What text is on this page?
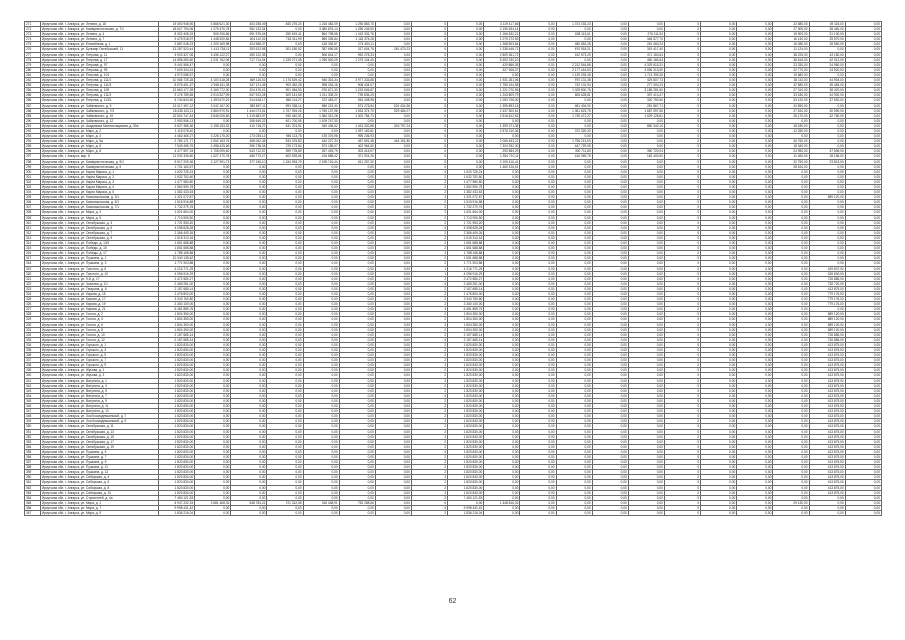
271	Иркутская обл, г. Ангарск, ул. Ленина, д. 18	19 492 948,90	3 568 621,30	403 258,49	465 276,24	1 216 482,09	1 290 883,70	0,00	0	0,00	4 119 417,66	0,00	1 373 433,23	0,00	0,00	0	0,00	0,00	23 580,00	49 115,00	0,00
272	Иркутская обл, г. Ангарск, ул. Коммунистическая, д. 7/1	18 627 794,06	1 279 476,78	952 133,34	0,00	3 380 875,14	1 296 245,50	0,00	0	0,00	2 196 534,14	0,00	0,00	0,00	0,00	0	0,00	0,00	27 300,00	38 460,00	0,00
273	Иркутская обл, г. Ангарск, ул. Ленина, д. 4	8 302 408,15	505 206,86	691 576,04	250 619,41	864 798,68	1 419 332,76	0,00	0	0,00	1 166 632,21	0,00	608 113,61	0,00	276 111,54	0	0,00	0,00	15 900,00	31 130,00	0,00
274	Иркутская обл, г. Ангарск, ул. Ленина, д. 7	9 475 918,97	1 448 530,84	404 112,03	718 311,99	869 335,84	1 118 375,28	0,00	0	0,00	1 079 273,59	0,00	0,00	0,00	346 577,70	0	0,00	0,00	16 140,00	25 570,00	0,00
275	Иркутская обл, г. Ангарск, ул. Енисейская, д. 1	2 887 048,23	1 209 169,98	324 968,37	0,00	418 339,57	274 454,11	0,00	0	0,00	1 268 503,64	0,00	480 652,28	0,00	261 453,24	0	0,00	0,00	16 080,00	28 560,00	0,00
276	Иркутская обл, г. Ангарск, ул. Бульвар Октябрьский, 11	13 287 523,44	1 413 738,11	253 513,98	301 180,92	387 696,58	317 604,76	261 470,23	0	0,00	1 338 446,72	0,00	670 918,21	0,00	319 417,40	0	0,00	0,00	11 124,00	0,00	0,00
277	Иркутская обл, г. Ангарск, ул. Петрова, д. 11	5 903 327,06	3 436 122,27	269 122,35	0,00	906 644,17	992 278,33	0,00	0	0,00	2 809 361,72	0,00	152 573,29	0,00	471 160,64	0	0,00	0,00	38 226,00	43 180,00	0,00
278	Иркутская обл, г. Ангарск, ул. Петрова, д. 17	14 898 280,60	2 231 762,06	717 714,04	1 239 271,08	1 258 500,05	1 279 104,40	0,00	0	0,00	5 392 230,10	0,00	0,00	0,00	460 184,64	0	0,00	0,00	38 616,00	42 312,00	0,00
279	Иркутская обл, г. Ангарск, ул. Петрова, д. 97	9 441 566,47	0,00	0,00	0,00	0,00	0,00	0,00	0	0,00	429 866,05	0,00	2 212 544,86	0,00	4 329 615,31	0	0,00	0,00	23 330,00	24 980,00	0,00
280	Иркутская обл, г. Ангарск, ул. Петрова, д. 99	7 609 334,24	0,00	0,00	0,00	0,00	0,00	0,00	0	0,00	327 908,07	0,00	2 177 416,53	0,00	4 056 313,90	0	0,00	0,00	22 770,00	24 520,00	0,00
281	Иркутская обл, г. Ангарск, ул. Петрова, д. 101	4 972 088,57	0,00	0,00	0,00	0,00	0,00	0,00	0	0,00	0,00	0,00	1 129 333,46	0,00	1 713 395,26	0	0,00	0,00	19 680,00	0,00	0,00
282	Иркутская обл, г. Ангарск, ул. Петрова, д. 111/1	10 066 725,28	4 100 418,28	469 116,02	1 176 529,42	946 316,34	3 977 333,88	0,00	0	0,00	1 931 261,06	0,00	970 131,38	0,00	429 807,73	0	0,00	0,00	35 110,00	44 904,00	0,00
283	Иркутская обл, г. Ангарск, ул. Петрова, д. 111/3	8 976 401,67	2 948 611,35	347 121,45	903 452,28	998 334,16	908 434,97	0,00	0	0,00	1 759 104,58	0,00	742 131,94	0,00	277 400,23	0	0,00	0,00	32 580,00	35 484,00	0,00
284	Иркутская обл, г. Ангарск, ул. Петрова, д. 109	12 660 177,39	3 169 772,00	324 476,01	901 084,90	976 671,33	1 233 606,87	0,00	0	0,00	1 221 070,96	0,00	1 025 800,76	0,00	3 185 281,60	0	0,00	0,00	27 310,00	38 420,00	0,00
285	Иркутская обл, г. Ангарск, ул. Петрова, д. 111/2	9 176 789,65	2 013 527,09	547 913,28	309 141,65	1 011 335,20	739 836,25	0,00	0	0,00	1 243 809,79	0,00	605 628,81	0,00	397 413,47	0	0,00	0,00	33 180,00	34 992,00	0,00
286	Иркутская обл, г. Ангарск, ул. Петрова, д. 113/1	6 744 843,50	1 493 670,22	314 618,17	560 114,27	372 453,27	943 408,98	0,00	0	0,00	1 053 706,40	0,00	0,00	0,00	320 790,50	0	0,00	0,00	33 120,00	37 692,00	0,00
287	Иркутская обл, г. Ангарск, ул. Чайковского, д. 5	13 417 497,12	3 042 167,00	383 697,11	993 338,14	656 219,33	673 275,84	631 434,36	0	0,00	1 395 893,16	0,00	481 404,92	0,00	251 867,71	0	0,00	0,00	24 550,00	0,00	0,00
288	Иркутская обл, г. Ангарск, ул. Чайковского, д. 7/3	18 436 103,11	2 860 970,91	1 444 073,51	1 707 394,26	1 769 137,98	1 534 374,70	929 484,07	0	0,00	2 437 500,61	0,00	1 361 523,75	0,00	1 687 397,06	0	0,00	0,00	27 610,00	30 590,00	0,00
289	Иркутская обл, г. Ангарск, ул. Чайковского, д. 10	22 524 747,44	3 646 026,60	1 219 683,97	940 440,51	1 360 312,28	1 302 784,73	0,00	0	0,00	2 516 812,82	0,00	1 735 471,27	0,00	1 629 128,61	0	0,00	0,00	28 170,00	42 780,00	0,00
290	Иркутская обл, г. Ангарск, ул. Чайковского, д. 12	2 593 956,13	0,00	308 649,22	401 700,95	1 109 747,30	0,00	0,00	0	0,00	0,00	0,00	0,00	0,00	0,00	0	0,00	0,00	0,00	0,00	0,00
291	Иркутская обл, г. Ангарск, ул. Академика Миллионщикова, д. 30а	5 827 485,36	2 198 153,32	410 718,27	631 374,91	340 435,52	1 423 320,88	343 797,24	0	0,00	1 399 371,38	0,00	0,00	0,00	880 342,10	0	0,00	0,00	18 180,00	0,00	0,00
292	Иркутская обл, г. Ангарск, ул. Марх, д. 2	1 115 078,40	0,00	0,00	0,00	0,00	1 097 162,81	0,00	0	0,00	2 576 210,36	0,00	372 320,32	0,00	0,00	0	0,00	0,00	12 250,00	0,00	0,00
293	Иркутская обл, г. Ангарск, ул. Марх, д. 4	4 462 466,27	3 226 175,20	173 035,12	946 113,78	478 376,98	995 236,93	0,00	0	0,00	0,00	0,00	0,00	0,00	0,00	0	0,00	0,00	0,00	0,00	0,00
294	Иркутская обл, г. Ангарск, ул. Марх, д. 5а	2 784 171,77	2 052 163,76	368 062,45	533 376,82	444 227,34	467 891,48	444 191,80	0	0,00	2 066 453,22	0,00	1 798 213,63	0,00	0,00	0	0,00	0,00	26 760,00	0,00	0,00
295	Иркутская обл, г. Ангарск, ул. Марх, д. 6	7 549 496,76	2 498 425,66	396 738,34	729 173,54	573 185,07	402 964,50	0,00	0	0,00	7 324 932,30	0,00	447 729,05	0,00	0,00	0	0,00	0,00	18 340,00	0,00	0,00
296	Иркутская обл, г. Ангарск, ул. Марх, д. 8	4 477 597,33	1 708 095,60	543 712,57	399 778,89	257 493,79	303 416,97	0,00	0	0,00	293 584,29	0,00	300 711,80	0,00	350 720,04	0	0,00	0,00	24 950,00	37 596,00	0,00
297	Иркутская обл, г. Ангарск, мкр. 8	11 932 335,80	1 627 270,78	455 773,27	603 539,66	416 885,42	371 924,26	0,00	0	0,00	1 534 710,11	0,00	416 969,75	0,00	182 400,90	0	0,00	0,00	11 460,00	18 156,00	0,00
298	Иркутская обл, г. Ангарск, ул. Коммунистическая, д. 9/1	5 917 209,36	2 127 991,73	377 245,10	1 334 963,75	2 198 716,44	611 257,30	0,00	0	0,00	2 105 416,41	0,00	0,00	0,00	0,00	0	0,00	0,00	22 750,00	23 813,00	0,00
299	Иркутская обл, г. Ангарск, ул. Коммунистическая, д. 5	1 731 160,57	0,00	0,00	0,00	0,00	0,00	0,00	0	0,00	1 460 126,61	0,00	0,00	0,00	0,00	0	0,00	0,00	28 164,00	0,00	0,00
300	Иркутская обл, г. Ангарск, ул. Карла Маркса, д. 1	1 620 726,24	0,00	0,00	0,00	0,00	0,00	0,00	2	1 620 726,24	0,00	0,00	0,00	0,00	0,00	0	0,00	0,00	0,00	0,00	0,00
301	Иркутская обл, г. Ангарск, ул. Карла Маркса, д. 2	1 632 752,60	0,00	0,00	0,00	0,00	0,00	0,00	2	1 632 752,60	0,00	0,00	0,00	0,00	0,00	0	0,00	0,00	0,00	0,00	0,00
302	Иркутская обл, г. Ангарск, ул. Карла Маркса, д. 3	1 477 580,80	0,00	0,00	0,00	0,00	0,00	0,00	2	1 477 580,80	0,00	0,00	0,00	0,00	0,00	0	0,00	0,00	0,00	0,00	0,00
303	Иркутская обл, г. Ангарск, ул. Карла Маркса, д. 4	1 562 590,78	0,00	0,00	0,00	0,00	0,00	0,00	2	1 562 590,78	0,00	0,00	0,00	0,00	0,00	0	0,00	0,00	0,00	0,00	0,00
304	Иркутская обл, г. Ангарск, ул. Карла Маркса, д. 5	1 382 433,53	0,00	0,00	0,00	0,00	0,00	0,00	2	1 382 433,53	0,00	0,00	0,00	0,00	0,00	0	0,00	0,00	0,00	0,00	0,00
305	Иркутская обл, г. Ангарск, ул. Комсомольская, д. 3/1	1 321 072,87	0,00	0,00	0,00	0,00	0,00	0,00	2	1 321 072,87	0,00	0,00	0,00	0,00	0,00	0	0,00	0,00	0,00	589 120,00	0,00
306	Иркутская обл, г. Ангарск, ул. Комсомольская, д. 5/1	1 515 916,88	0,00	0,00	0,00	0,00	0,00	0,00	2	1 515 916,88	0,00	0,00	0,00	0,00	0,00	0	0,00	0,00	0,00	0,00	0,00
307	Иркутская обл, г. Ангарск, ул. Комсомольская, д. 7/1	1 732 279,76	0,00	0,00	0,00	0,00	0,00	0,00	2	1 732 279,76	0,00	0,00	0,00	0,00	0,00	0	0,00	0,00	0,00	0,00	0,00
308	Иркутская обл, г. Ангарск, ул. Мира, д. 3	1 521 664,00	0,00	0,00	0,00	0,00	0,00	0,00	2	1 521 664,00	0,00	0,00	0,00	0,00	0,00	0	0,00	0,00	0,00	0,00	0,00
309	Иркутская обл, г. Ангарск, ул. Мира, д. 5	1 713 905,50	0,00	0,00	0,00	0,00	0,00	0,00	2	1 713 905,50	0,00	0,00	0,00	0,00	0,00	0	0,00	0,00	0,00	0,00	0,00
310	Иркутская обл, г. Ангарск, ул. Октябрьская, д. 3	1 721 953,20	0,00	0,00	0,00	0,00	0,00	0,00	2	1 721 953,20	0,00	0,00	0,00	0,00	0,00	0	0,00	0,00	0,00	0,00	0,00
311	Иркутская обл, г. Ангарск, ул. Октябрьская, д. 5	4 098 628,28	0,00	0,00	0,00	0,00	0,00	0,00	2	4 098 628,28	0,00	0,00	0,00	0,00	0,00	0	0,00	0,00	0,00	0,00	0,00
312	Иркутская обл, г. Ангарск, ул. Октябрьская, д. 7	2 366 409,26	0,00	0,00	0,00	0,00	0,00	0,00	2	2 366 409,26	0,00	0,00	0,00	0,00	0,00	0	0,00	0,00	0,00	0,00	0,00
313	Иркутская обл, г. Ангарск, ул. Октябрьская, д. 9	1 515 313,16	0,00	0,00	0,00	0,00	0,00	0,00	2	1 515 313,16	0,00	0,00	0,00	0,00	0,00	0	0,00	0,00	0,00	0,00	0,00
314	Иркутская обл, г. Ангарск, ул. Победы, д. 13/2	1 651 688,88	0,00	0,00	0,00	0,00	0,00	0,00	2	1 651 688,88	0,00	0,00	0,00	0,00	0,00	0	0,00	0,00	0,00	0,00	0,00
315	Иркутская обл, г. Ангарск, ул. Победы, д. 15	1 651 688,88	0,00	0,00	0,00	0,00	0,00	0,00	2	1 651 688,88	0,00	0,00	0,00	0,00	0,00	0	0,00	0,00	0,00	0,00	0,00
316	Иркутская обл, г. Ангарск, ул. Победы, д. 17	1 788 168,88	0,00	0,00	0,00	0,00	0,00	0,00	2	1 788 168,88	0,00	0,00	0,00	0,00	0,00	0	0,00	0,00	0,00	0,00	0,00
317	Иркутская обл, г. Ангарск, ул. Пушкина, д. 1	10 340 135,62	0,00	0,00	0,00	0,00	0,00	0,00	2	1 651 688,88	0,00	0,00	0,00	0,00	0,00	0	0,00	0,00	0,00	0,00	0,00
318	Иркутская обл, г. Ангарск, ул. Пушкина, д. 3	1 771 903,88	0,00	0,00	0,00	0,00	0,00	0,00	2	1 771 903,88	0,00	0,00	0,00	0,00	0,00	0	0,00	0,00	0,00	0,00	0,00
319	Иркутская обл, г. Ангарск, ул. Толстого, д. 6	4 216 771,29	0,00	0,00	0,00	0,00	0,00	0,00	1	4 216 771,29	0,00	0,00	0,00	0,00	0,00	0	0,00	0,00	0,00	429 607,00	0,00
320	Иркутская обл, г. Ангарск, ул. Толстого, д. 10	4 096 916,29	0,00	0,00	0,00	0,00	0,00	0,00	1	4 096 916,29	0,00	0,00	0,00	0,00	0,00	0	0,00	0,00	0,00	426 600,00	0,00
321	Иркутская обл, г. Ангарск, ул. 9-й, д. 17	2 472 580,27	0,00	0,00	0,00	0,00	0,00	0,00	2	2 472 580,27	0,00	0,00	0,00	0,00	0,00	0	0,00	0,00	0,00	726 885,00	0,00
322	Иркутская обл, г. Ангарск, ул. Чкалова, д. 10	2 469 251,00	0,00	0,00	0,00	0,00	0,00	0,00	2	2 469 251,00	0,00	0,00	0,00	0,00	0,00	0	0,00	0,00	0,00	728 720,00	0,00
323	Иркутская обл, г. Ангарск, ул. Гагарина, д. 6	2 157 685,14	0,00	0,00	0,00	0,00	0,00	0,00	2	2 157 685,14	0,00	0,00	0,00	0,00	0,00	0	0,00	0,00	0,00	413 875,00	0,00
324	Иркутская обл, г. Ангарск, ул. Кирова, д. 15	2 476 800,00	0,00	0,00	0,00	0,00	0,00	0,00	2	2 476 800,00	0,00	0,00	0,00	0,00	0,00	0	0,00	0,00	0,00	779 176,00	0,00
325	Иркутская обл, г. Ангарск, ул. Кирова, д. 17	3 343 760,80	0,00	0,00	0,00	0,00	0,00	0,00	2	3 343 760,80	0,00	0,00	0,00	0,00	0,00	0	0,00	0,00	0,00	779 176,00	0,00
326	Иркутская обл, г. Ангарск, ул. Кирова, д. 19	3 360 100,00	0,00	0,00	0,00	0,00	0,00	0,00	2	3 360 100,00	0,00	0,00	0,00	0,00	0,00	0	0,00	0,00	0,00	779 176,00	0,00
327	Иркутская обл, г. Ангарск, ул. Кирова, д. 21	6 481 889,76	0,00	0,00	0,00	0,00	0,00	0,00	4	6 481 889,76	0,00	0,00	0,00	0,00	0,00	0	0,00	0,00	0,00	0,00	0,00
328	Иркутская обл, г. Ангарск, ул. Гоголя, д. 2	1 804 350,00	0,00	0,00	0,00	0,00	0,00	0,00	2	1 804 350,00	0,00	0,00	0,00	0,00	0,00	0	0,00	0,00	0,00	589 120,00	0,00
329	Иркутская обл, г. Ангарск, ул. Гоголя, д. 4	1 804 350,00	0,00	0,00	0,00	0,00	0,00	0,00	2	1 804 350,00	0,00	0,00	0,00	0,00	0,00	0	0,00	0,00	0,00	589 120,00	0,00
330	Иркутская обл, г. Ангарск, ул. Гоголя, д. 6	1 804 350,00	0,00	0,00	0,00	0,00	0,00	0,00	2	1 804 350,00	0,00	0,00	0,00	0,00	0,00	0	0,00	0,00	0,00	589 120,00	0,00
331	Иркутская обл, г. Ангарск, ул. Гоголя, д. 8	1 804 350,00	0,00	0,00	0,00	0,00	0,00	0,00	2	1 804 350,00	0,00	0,00	0,00	0,00	0,00	0	0,00	0,00	0,00	589 120,00	0,00
332	Иркутская обл, г. Ангарск, ул. Гоголя, д. 10	2 157 685,14	0,00	0,00	0,00	0,00	0,00	0,00	2	2 157 685,14	0,00	0,00	0,00	0,00	0,00	0	0,00	0,00	0,00	726 885,00	0,00
333	Иркутская обл, г. Ангарск, ул. Гоголя, д. 12	2 157 685,14	0,00	0,00	0,00	0,00	0,00	0,00	2	2 157 685,14	0,00	0,00	0,00	0,00	0,00	0	0,00	0,00	0,00	726 885,00	0,00
334	Иркутская обл, г. Ангарск, ул. Горького, д. 1	1 820 830,00	0,00	0,00	0,00	0,00	0,00	0,00	2	1 820 830,00	0,00	0,00	0,00	0,00	0,00	0	0,00	0,00	0,00	413 875,00	0,00
335	Иркутская обл, г. Ангарск, ул. Горького, д. 3	1 820 830,00	0,00	0,00	0,00	0,00	0,00	0,00	2	1 820 830,00	0,00	0,00	0,00	0,00	0,00	0	0,00	0,00	0,00	413 875,00	0,00
336	Иркутская обл, г. Ангарск, ул. Горького, д. 5	1 820 830,00	0,00	0,00	0,00	0,00	0,00	0,00	2	1 820 830,00	0,00	0,00	0,00	0,00	0,00	0	0,00	0,00	0,00	413 875,00	0,00
337	Иркутская обл, г. Ангарск, ул. Горького, д. 7	1 820 830,00	0,00	0,00	0,00	0,00	0,00	0,00	2	1 820 830,00	0,00	0,00	0,00	0,00	0,00	0	0,00	0,00	0,00	413 875,00	0,00
338	Иркутская обл, г. Ангарск, ул. Горького, д. 9	1 820 830,00	0,00	0,00	0,00	0,00	0,00	0,00	2	1 820 830,00	0,00	0,00	0,00	0,00	0,00	0	0,00	0,00	0,00	413 875,00	0,00
339	Иркутская обл, г. Ангарск, ул. Жукова, д. 1	1 820 830,00	0,00	0,00	0,00	0,00	0,00	0,00	2	1 820 830,00	0,00	0,00	0,00	0,00	0,00	0	0,00	0,00	0,00	413 875,00	0,00
340	Иркутская обл, г. Ангарск, ул. Жукова, д. 3	1 820 830,00	0,00	0,00	0,00	0,00	0,00	0,00	2	1 820 830,00	0,00	0,00	0,00	0,00	0,00	0	0,00	0,00	0,00	413 875,00	0,00
341	Иркутская обл, г. Ангарск, ул. Ватутина, д. 1	1 820 830,00	0,00	0,00	0,00	0,00	0,00	0,00	2	1 820 830,00	0,00	0,00	0,00	0,00	0,00	0	0,00	0,00	0,00	413 875,00	0,00
342	Иркутская обл, г. Ангарск, ул. Ватутина, д. 3	1 820 830,00	0,00	0,00	0,00	0,00	0,00	0,00	2	1 820 830,00	0,00	0,00	0,00	0,00	0,00	0	0,00	0,00	0,00	413 875,00	0,00
343	Иркутская обл, г. Ангарск, ул. Ватутина, д. 5	1 820 830,00	0,00	0,00	0,00	0,00	0,00	0,00	2	1 820 830,00	0,00	0,00	0,00	0,00	0,00	0	0,00	0,00	0,00	413 875,00	0,00
344	Иркутская обл, г. Ангарск, ул. Ватутина, д. 7	1 820 830,00	0,00	0,00	0,00	0,00	0,00	0,00	2	1 820 830,00	0,00	0,00	0,00	0,00	0,00	0	0,00	0,00	0,00	413 875,00	0,00
345	Иркутская обл, г. Ангарск, ул. Ватутина, д. 9	1 820 830,00	0,00	0,00	0,00	0,00	0,00	0,00	2	1 820 830,00	0,00	0,00	0,00	0,00	0,00	0	0,00	0,00	0,00	413 875,00	0,00
346	Иркутская обл, г. Ангарск, ул. Ватутина, д. 11	1 820 830,00	0,00	0,00	0,00	0,00	0,00	0,00	2	1 820 830,00	0,00	0,00	0,00	0,00	0,00	0	0,00	0,00	0,00	413 875,00	0,00
347	Иркутская обл, г. Ангарск, ул. Ватутина, д. 13	1 820 830,00	0,00	0,00	0,00	0,00	0,00	0,00	2	1 820 830,00	0,00	0,00	0,00	0,00	0,00	0	0,00	0,00	0,00	413 875,00	0,00
348	Иркутская обл, г. Ангарск, ул. Зои Космодемьянской, д. 7	1 820 830,00	0,00	0,00	0,00	0,00	0,00	0,00	2	1 820 830,00	0,00	0,00	0,00	0,00	0,00	0	0,00	0,00	0,00	413 875,00	0,00
349	Иркутская обл, г. Ангарск, ул. Зои Космодемьянской, д. 9	1 820 830,00	0,00	0,00	0,00	0,00	0,00	0,00	2	1 820 830,00	0,00	0,00	0,00	0,00	0,00	0	0,00	0,00	0,00	413 875,00	0,00
350	Иркутская обл, г. Ангарск, ул. Октябрьская, д. 11	1 820 830,00	0,00	0,00	0,00	0,00	0,00	0,00	2	1 820 830,00	0,00	0,00	0,00	0,00	0,00	0	0,00	0,00	0,00	413 875,00	0,00
351	Иркутская обл, г. Ангарск, ул. Октябрьская, д. 13	1 820 830,00	0,00	0,00	0,00	0,00	0,00	0,00	2	1 820 830,00	0,00	0,00	0,00	0,00	0,00	0	0,00	0,00	0,00	413 875,00	0,00
352	Иркутская обл, г. Ангарск, ул. Октябрьская, д. 15	1 820 830,00	0,00	0,00	0,00	0,00	0,00	0,00	2	1 820 830,00	0,00	0,00	0,00	0,00	0,00	0	0,00	0,00	0,00	413 875,00	0,00
353	Иркутская обл, г. Ангарск, ул. Октябрьская, д. 17	1 820 830,00	0,00	0,00	0,00	0,00	0,00	0,00	2	1 820 830,00	0,00	0,00	0,00	0,00	0,00	0	0,00	0,00	0,00	413 875,00	0,00
354	Иркутская обл, г. Ангарск, ул. Октябрьская, д. 19	1 820 830,00	0,00	0,00	0,00	0,00	0,00	0,00	2	1 820 830,00	0,00	0,00	0,00	0,00	0,00	0	0,00	0,00	0,00	413 875,00	0,00
355	Иркутская обл, г. Ангарск, ул. Пушкина, д. 5	1 820 830,00	0,00	0,00	0,00	0,00	0,00	0,00	2	1 820 830,00	0,00	0,00	0,00	0,00	0,00	0	0,00	0,00	0,00	413 875,00	0,00
356	Иркутская обл, г. Ангарск, ул. Пушкина, д. 7	1 820 830,00	0,00	0,00	0,00	0,00	0,00	0,00	2	1 820 830,00	0,00	0,00	0,00	0,00	0,00	0	0,00	0,00	0,00	413 875,00	0,00
357	Иркутская обл, г. Ангарск, ул. Пушкина, д. 9	1 820 830,00	0,00	0,00	0,00	0,00	0,00	0,00	2	1 820 830,00	0,00	0,00	0,00	0,00	0,00	0	0,00	0,00	0,00	413 875,00	0,00
358	Иркутская обл, г. Ангарск, ул. Пушкина, д. 11	1 820 830,00	0,00	0,00	0,00	0,00	0,00	0,00	2	1 820 830,00	0,00	0,00	0,00	0,00	0,00	0	0,00	0,00	0,00	413 875,00	0,00
359	Иркутская обл, г. Ангарск, ул. Пушкина, д. 13	1 820 830,00	0,00	0,00	0,00	0,00	0,00	0,00	2	1 820 830,00	0,00	0,00	0,00	0,00	0,00	0	0,00	0,00	0,00	413 875,00	0,00
360	Иркутская обл, г. Ангарск, ул. Сибирская, д. 4	1 820 830,00	0,00	0,00	0,00	0,00	0,00	0,00	2	1 820 830,00	0,00	0,00	0,00	0,00	0,00	0	0,00	0,00	0,00	413 875,00	0,00
361	Иркутская обл, г. Ангарск, ул. Сибирская, д. 6	1 820 830,00	0,00	0,00	0,00	0,00	0,00	0,00	2	1 820 830,00	0,00	0,00	0,00	0,00	0,00	0	0,00	0,00	0,00	413 875,00	0,00
362	Иркутская обл, г. Ангарск, ул. Сибирская, д. 8	1 820 830,00	0,00	0,00	0,00	0,00	0,00	0,00	2	1 820 830,00	0,00	0,00	0,00	0,00	0,00	0	0,00	0,00	0,00	413 875,00	0,00
363	Иркутская обл, г. Ангарск, ул. Сибирская, д. 10	1 820 830,00	0,00	0,00	0,00	0,00	0,00	0,00	2	1 820 830,00	0,00	0,00	0,00	0,00	0,00	0	0,00	0,00	0,00	413 875,00	0,00
364	Иркутская обл, г. Ангарск, ул. Строителей, д. 4а	7 460 121,53	0,00	0,00	0,00	0,00	0,00	0,00	2	7 460 121,53	0,00	0,00	0,00	0,00	0,00	0	0,00	0,00	0,00	0,00	0,00
365	Иркутская обл, г. Ангарск, ул. Мира, д. 1	6 947 232,15	3 681 468,33	548 784,22	721 312,08	316 448,91	753 288,66	0,00	0	0,00	1 448 816,32	0,00	0,00	0,00	0,00	0	0,00	0,00	29 130,00	0,00	0,00
366	Иркутская обл, г. Ангарск, ул. Мира, д. 7	9 998 431,42	0,00	0,00	0,00	0,00	0,00	0,00	2	9 998 431,42	0,00	0,00	0,00	0,00	0,00	0	0,00	0,00	0,00	0,00	0,00
367	Иркутская обл, г. Ангарск, ул. Мира, д. 9	1 836 216,04	0,00	0,00	0,00	0,00	0,00	0,00	2	1 836 216,04	0,00	0,00	0,00	0,00	0,00	0	0,00	0,00	0,00	0,00	0,00
62
